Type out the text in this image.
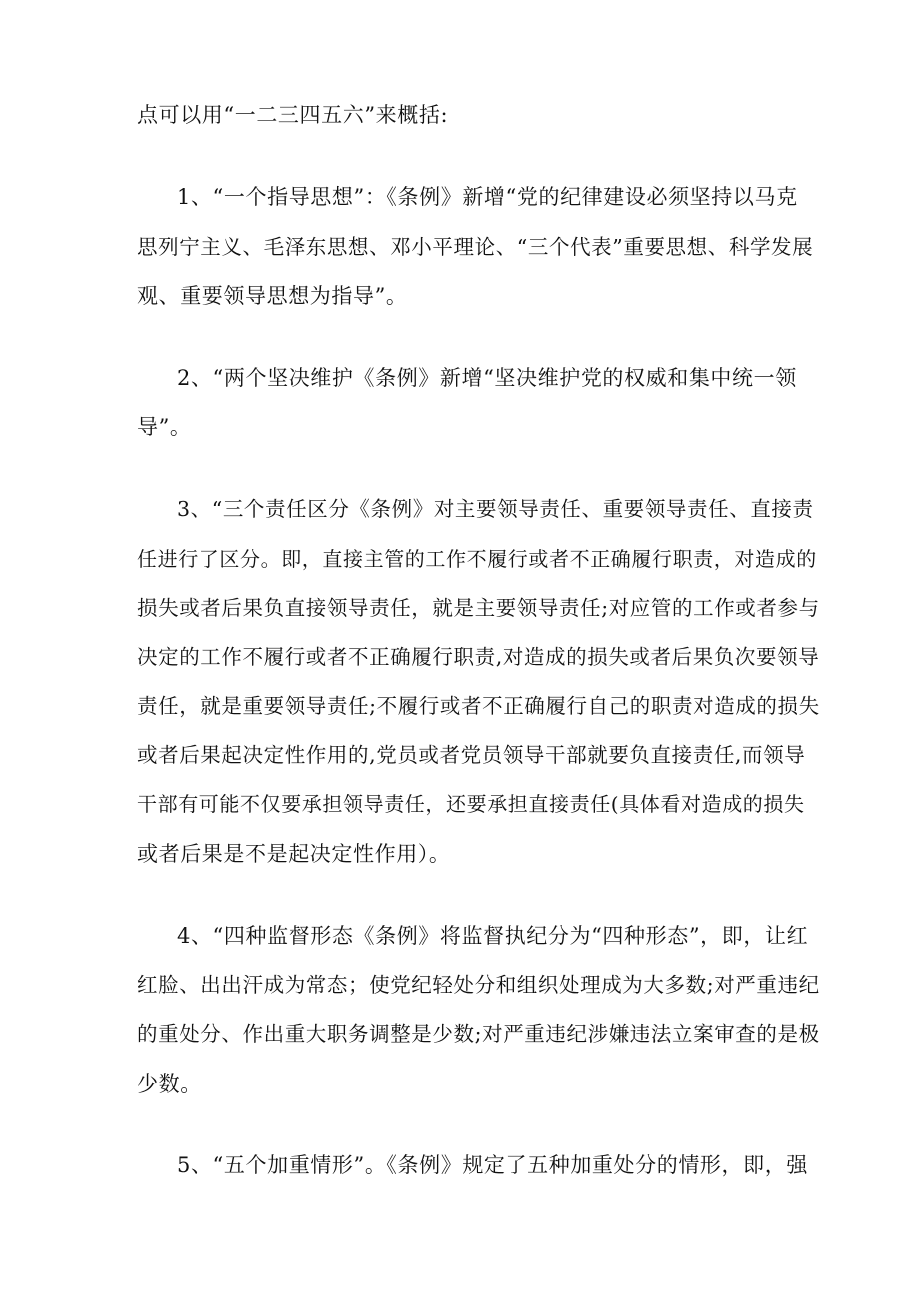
点可以用“一二三四五六”来概括:
1、“一个指导思想”：《条例》新增“党的纪律建设必须坚持以马克
思列宁主义、毛泽东思想、邓小平理论、“三个代表”重要思想、科学发展
观、重要领导思想为指导”。
2、“两个坚决维护《条例》新增“坚决维护党的权威和集中统一领
导”。
3、“三个责任区分《条例》对主要领导责任、重要领导责任、直接责
任进行了区分。即，直接主管的工作不履行或者不正确履行职责，对造成的
损失或者后果负直接领导责任，就是主要领导责任;对应管的工作或者参与
决定的工作不履行或者不正确履行职责,对造成的损失或者后果负次要领导
责任，就是重要领导责任;不履行或者不正确履行自己的职责对造成的损失
或者后果起决定性作用的,党员或者党员领导干部就要负直接责任,而领导
干部有可能不仅要承担领导责任，还要承担直接责任(具体看对造成的损失
或者后果是不是起决定性作用）。
4、“四种监督形态《条例》将监督执纪分为“四种形态”，即，让红
红脸、出出汗成为常态；使党纪轻处分和组织处理成为大多数;对严重违纪
的重处分、作出重大职务调整是少数;对严重违纪涉嫌违法立案审查的是极
少数。
5、“五个加重情形”。《条例》规定了五种加重处分的情形，即，强
